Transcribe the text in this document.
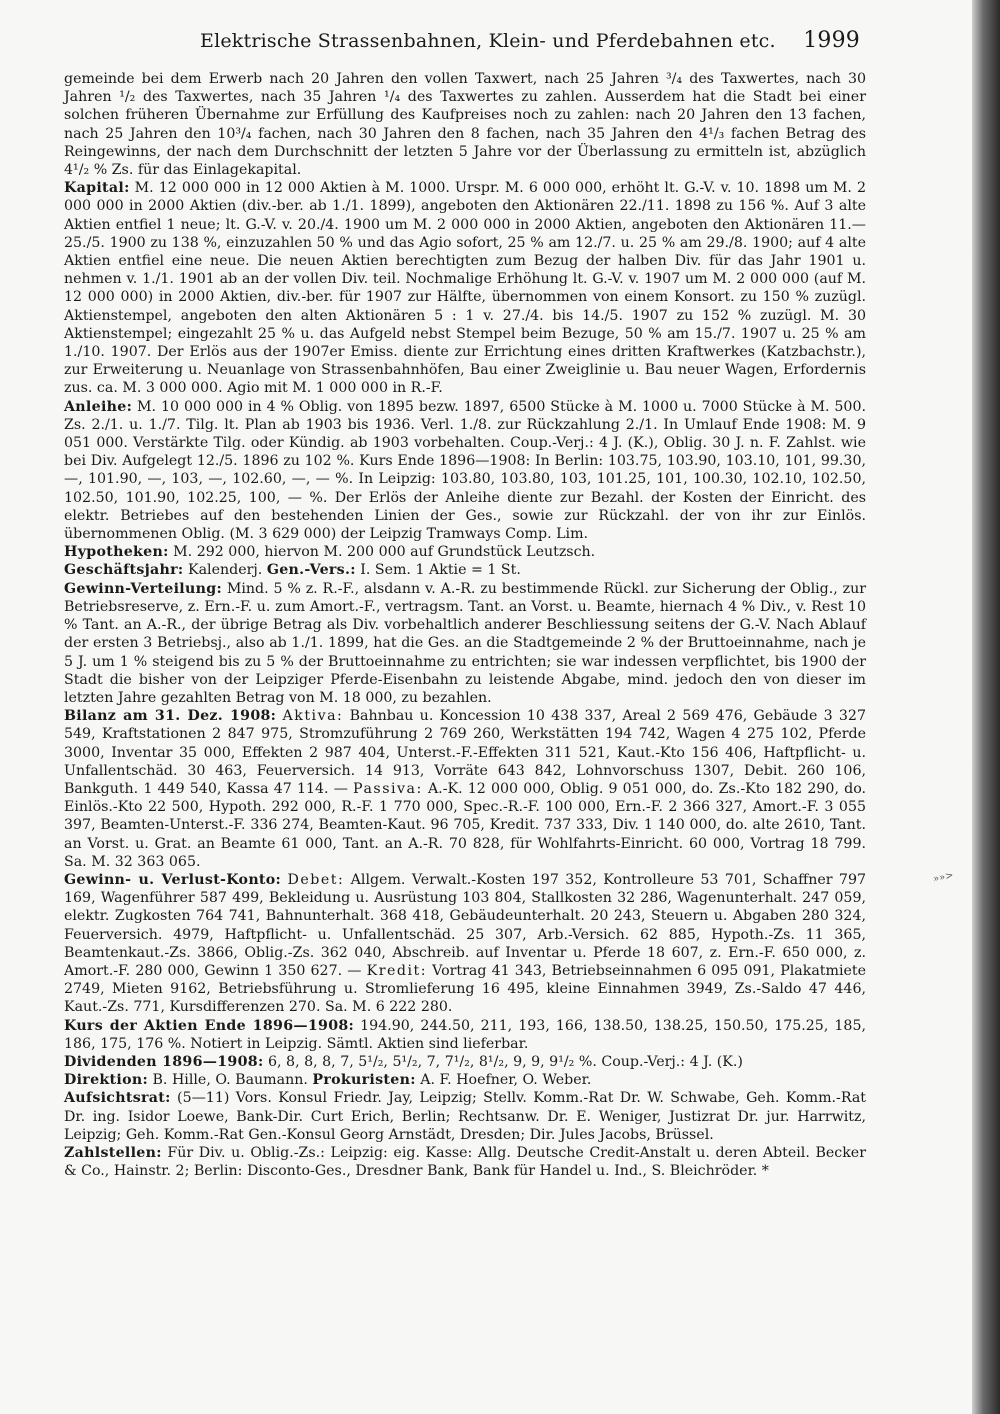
Elektrische Strassenbahnen, Klein- und Pferdebahnen etc. 1999

gemeinde bei dem Erwerb nach 20 Jahren den vollen Taxwert, nach 25 Jahren ³/₄ des Taxwertes, nach 30 Jahren ¹/₂ des Taxwertes, nach 35 Jahren ¹/₄ des Taxwertes zu zahlen. Ausserdem hat die Stadt bei einer solchen früheren Übernahme zur Erfüllung des Kaufpreises noch zu zahlen: nach 20 Jahren den 13 fachen, nach 25 Jahren den 10³/₄ fachen, nach 30 Jahren den 8 fachen, nach 35 Jahren den 4¹/₃ fachen Betrag des Reingewinns, der nach dem Durchschnitt der letzten 5 Jahre vor der Überlassung zu ermitteln ist, abzüglich 4¹/₂ % Zs. für das Einlagekapital.

Kapital: M. 12 000 000 in 12 000 Aktien à M. 1000. Urspr. M. 6 000 000, erhöht lt. G.-V. v. 10. 1898 um M. 2 000 000 in 2000 Aktien (div.-ber. ab 1./1. 1899), angeboten den Aktionären 22./11. 1898 zu 156 %. Auf 3 alte Aktien entfiel 1 neue; lt. G.-V. v. 20./4. 1900 um M. 2 000 000 in 2000 Aktien, angeboten den Aktionären 11.—25./5. 1900 zu 138 %, einzuzahlen 50 % und das Agio sofort, 25 % am 12./7. u. 25 % am 29./8. 1900; auf 4 alte Aktien entfiel eine neue. Die neuen Aktien berechtigten zum Bezug der halben Div. für das Jahr 1901 u. nehmen v. 1./1. 1901 ab an der vollen Div. teil. Nochmalige Erhöhung lt. G.-V. v. 1907 um M. 2 000 000 (auf M. 12 000 000) in 2000 Aktien, div.-ber. für 1907 zur Hälfte, übernommen von einem Konsort. zu 150 % zuzügl. Aktienstempel, angeboten den alten Aktionären 5 : 1 v. 27./4. bis 14./5. 1907 zu 152 % zuzügl. M. 30 Aktienstempel; eingezahlt 25 % u. das Aufgeld nebst Stempel beim Bezuge, 50 % am 15./7. 1907 u. 25 % am 1./10. 1907. Der Erlös aus der 1907er Emiss. diente zur Errichtung eines dritten Kraftwerkes (Katzbachstr.), zur Erweiterung u. Neuanlage von Strassenbahnhöfen, Bau einer Zweiglinie u. Bau neuer Wagen, Erfordernis zus. ca. M. 3 000 000. Agio mit M. 1 000 000 in R.-F.

Anleihe: M. 10 000 000 in 4 % Oblig. von 1895 bezw. 1897, 6500 Stücke à M. 1000 u. 7000 Stücke à M. 500. Zs. 2./1. u. 1./7. Tilg. lt. Plan ab 1903 bis 1936. Verl. 1./8. zur Rückzahlung 2./1. In Umlauf Ende 1908: M. 9 051 000. Verstärkte Tilg. oder Kündig. ab 1903 vorbehalten. Coup.-Verj.: 4 J. (K.), Oblig. 30 J. n. F. Zahlst. wie bei Div. Aufgelegt 12./5. 1896 zu 102 %. Kurs Ende 1896—1908: In Berlin: 103.75, 103.90, 103.10, 101, 99.30, —, 101.90, —, 103, —, 102.60, —, — %. In Leipzig: 103.80, 103.80, 103, 101.25, 101, 100.30, 102.10, 102.50, 102.50, 101.90, 102.25, 100, — %. Der Erlös der Anleihe diente zur Bezahl. der Kosten der Einricht. des elektr. Betriebes auf den bestehenden Linien der Ges., sowie zur Rückzahl. der von ihr zur Einlös. übernommenen Oblig. (M. 3 629 000) der Leipzig Tramways Comp. Lim.

Hypotheken: M. 292 000, hiervon M. 200 000 auf Grundstück Leutzsch.

Geschäftsjahr: Kalenderj. Gen.-Vers.: I. Sem. 1 Aktie = 1 St.

Gewinn-Verteilung: Mind. 5 % z. R.-F., alsdann v. A.-R. zu bestimmende Rückl. zur Sicherung der Oblig., zur Betriebsreserve, z. Ern.-F. u. zum Amort.-F., vertragsm. Tant. an Vorst. u. Beamte, hiernach 4 % Div., v. Rest 10 % Tant. an A.-R., der übrige Betrag als Div. vorbehaltlich anderer Beschliessung seitens der G.-V. Nach Ablauf der ersten 3 Betriebsj., also ab 1./1. 1899, hat die Ges. an die Stadtgemeinde 2 % der Bruttoeinnahme, nach je 5 J. um 1 % steigend bis zu 5 % der Bruttoeinnahme zu entrichten; sie war indessen verpflichtet, bis 1900 der Stadt die bisher von der Leipziger Pferde-Eisenbahn zu leistende Abgabe, mind. jedoch den von dieser im letzten Jahre gezahlten Betrag von M. 18 000, zu bezahlen.

Bilanz am 31. Dez. 1908: Aktiva: Bahnbau u. Koncession 10 438 337, Areal 2 569 476, Gebäude 3 327 549, Kraftstationen 2 847 975, Stromzuführung 2 769 260, Werkstätten 194 742, Wagen 4 275 102, Pferde 3000, Inventar 35 000, Effekten 2 987 404, Unterst.-F.-Effekten 311 521, Kaut.-Kto 156 406, Haftpflicht- u. Unfallentschäd. 30 463, Feuerversich. 14 913, Vorräte 643 842, Lohnvorschuss 1307, Debit. 260 106, Bankguth. 1 449 540, Kassa 47 114. — Passiva: A.-K. 12 000 000, Oblig. 9 051 000, do. Zs.-Kto 182 290, do. Einlös.-Kto 22 500, Hypoth. 292 000, R.-F. 1 770 000, Spec.-R.-F. 100 000, Ern.-F. 2 366 327, Amort.-F. 3 055 397, Beamten-Unterst.-F. 336 274, Beamten-Kaut. 96 705, Kredit. 737 333, Div. 1 140 000, do. alte 2610, Tant. an Vorst. u. Grat. an Beamte 61 000, Tant. an A.-R. 70 828, für Wohlfahrts-Einricht. 60 000, Vortrag 18 799. Sa. M. 32 363 065.

Gewinn- u. Verlust-Konto: Debet: Allgem. Verwalt.-Kosten 197 352, Kontrolleure 53 701, Schaffner 797 169, Wagenführer 587 499, Bekleidung u. Ausrüstung 103 804, Stallkosten 32 286, Wagenunterhalt. 247 059, elektr. Zugkosten 764 741, Bahnunterhalt. 368 418, Gebäudeunterhalt. 20 243, Steuern u. Abgaben 280 324, Feuerversich. 4979, Haftpflicht- u. Unfallentschäd. 25 307, Arb.-Versich. 62 885, Hypoth.-Zs. 11 365, Beamtenkaut.-Zs. 3866, Oblig.-Zs. 362 040, Abschreib. auf Inventar u. Pferde 18 607, z. Ern.-F. 650 000, z. Amort.-F. 280 000, Gewinn 1 350 627. — Kredit: Vortrag 41 343, Betriebseinnahmen 6 095 091, Plakatmiete 2749, Mieten 9162, Betriebsführung u. Stromlieferung 16 495, kleine Einnahmen 3949, Zs.-Saldo 47 446, Kaut.-Zs. 771, Kursdifferenzen 270. Sa. M. 6 222 280.

Kurs der Aktien Ende 1896—1908: 194.90, 244.50, 211, 193, 166, 138.50, 138.25, 150.50, 175.25, 185, 186, 175, 176 %. Notiert in Leipzig. Sämtl. Aktien sind lieferbar.

Dividenden 1896—1908: 6, 8, 8, 8, 7, 5¹/₂, 5¹/₂, 7, 7¹/₂, 8¹/₂, 9, 9, 9¹/₂ %. Coup.-Verj.: 4 J. (K.)

Direktion: B. Hille, O. Baumann. Prokuristen: A. F. Hoefner, O. Weber.

Aufsichtsrat: (5—11) Vors. Konsul Friedr. Jay, Leipzig; Stellv. Komm.-Rat Dr. W. Schwabe, Geh. Komm.-Rat Dr. ing. Isidor Loewe, Bank-Dir. Curt Erich, Berlin; Rechtsanw. Dr. E. Weniger, Justizrat Dr. jur. Harrwitz, Leipzig; Geh. Komm.-Rat Gen.-Konsul Georg Arnstädt, Dresden; Dir. Jules Jacobs, Brüssel.

Zahlstellen: Für Div. u. Oblig.-Zs.: Leipzig: eig. Kasse: Allg. Deutsche Credit-Anstalt u. deren Abteil. Becker & Co., Hainstr. 2; Berlin: Disconto-Ges., Dresdner Bank, Bank für Handel u. Ind., S. Bleichröder. *

»»>
